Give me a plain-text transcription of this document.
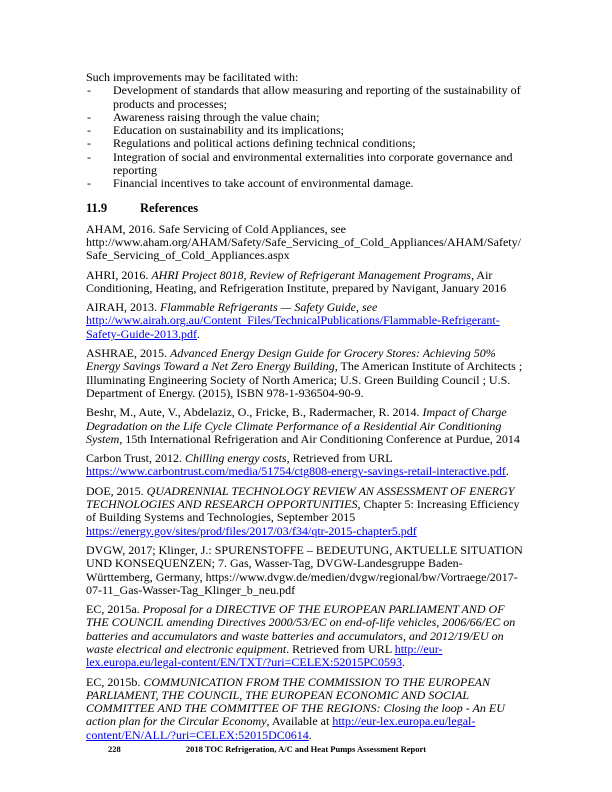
Such improvements may be facilitated with:

- Development of standards that allow measuring and reporting of the sustainability of products and processes;
- Awareness raising through the value chain;
- Education on sustainability and its implications;
- Regulations and political actions defining technical conditions;
- Integration of social and environmental externalities into corporate governance and reporting
- Financial incentives to take account of environmental damage.
11.9	References

AHAM, 2016. Safe Servicing of Cold Appliances, see http://www.aham.org/AHAM/Safety/Safe_Servicing_of_Cold_Appliances/AHAM/Safety/Safe_Servicing_of_Cold_Appliances.aspx

AHRI, 2016. AHRI Project 8018, Review of Refrigerant Management Programs, Air Conditioning, Heating, and Refrigeration Institute, prepared by Navigant, January 2016

AIRAH, 2013. Flammable Refrigerants — Safety Guide, see http://www.airah.org.au/Content_Files/TechnicalPublications/Flammable-Refrigerant-Safety-Guide-2013.pdf.

ASHRAE, 2015. Advanced Energy Design Guide for Grocery Stores: Achieving 50% Energy Savings Toward a Net Zero Energy Building, The American Institute of Architects ; Illuminating Engineering Society of North America; U.S. Green Building Council ; U.S. Department of Energy. (2015), ISBN 978-1-936504-90-9.

Beshr, M., Aute, V., Abdelaziz, O., Fricke, B., Radermacher, R. 2014. Impact of Charge Degradation on the Life Cycle Climate Performance of a Residential Air Conditioning System, 15th International Refrigeration and Air Conditioning Conference at Purdue, 2014

Carbon Trust, 2012. Chilling energy costs, Retrieved from URL https://www.carbontrust.com/media/51754/ctg808-energy-savings-retail-interactive.pdf.

DOE, 2015. QUADRENNIAL TECHNOLOGY REVIEW AN ASSESSMENT OF ENERGY TECHNOLOGIES AND RESEARCH OPPORTUNITIES, Chapter 5: Increasing Efficiency of Building Systems and Technologies, September 2015 https://energy.gov/sites/prod/files/2017/03/f34/qtr-2015-chapter5.pdf

DVGW, 2017; Klinger, J.: SPURENSTOFFE – BEDEUTUNG, AKTUELLE SITUATION UND KONSEQUENZEN; 7. Gas, Wasser-Tag, DVGW-Landesgruppe Baden-Württemberg, Germany, https://www.dvgw.de/medien/dvgw/regional/bw/Vortraege/2017-07-11_Gas-Wasser-Tag_Klinger_b_neu.pdf

EC, 2015a. Proposal for a DIRECTIVE OF THE EUROPEAN PARLIAMENT AND OF THE COUNCIL amending Directives 2000/53/EC on end-of-life vehicles, 2006/66/EC on batteries and accumulators and waste batteries and accumulators, and 2012/19/EU on waste electrical and electronic equipment. Retrieved from URL http://eur-lex.europa.eu/legal-content/EN/TXT/?uri=CELEX:52015PC0593.

EC, 2015b. COMMUNICATION FROM THE COMMISSION TO THE EUROPEAN PARLIAMENT, THE COUNCIL, THE EUROPEAN ECONOMIC AND SOCIAL COMMITTEE AND THE COMMITTEE OF THE REGIONS: Closing the loop - An EU action plan for the Circular Economy, Available at http://eur-lex.europa.eu/legal-content/EN/ALL/?uri=CELEX:52015DC0614.

228	2018 TOC Refrigeration, A/C and Heat Pumps Assessment Report
